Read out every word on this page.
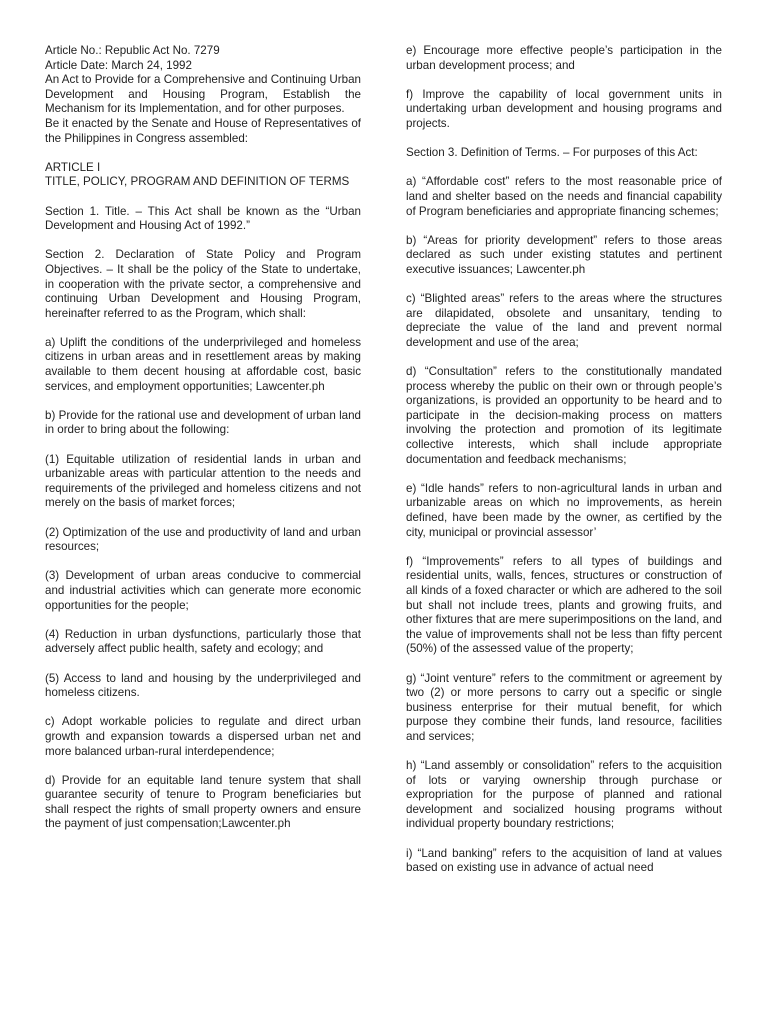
Article No.: Republic Act No. 7279

Article Date: March 24, 1992

An Act to Provide for a Comprehensive and Continuing Urban Development and Housing Program, Establish the Mechanism for its Implementation, and for other purposes.

Be it enacted by the Senate and House of Representatives of the Philippines in Congress assembled:

ARTICLE I

TITLE, POLICY, PROGRAM AND DEFINITION OF TERMS

Section 1. Title. – This Act shall be known as the “Urban Development and Housing Act of 1992.”

Section 2. Declaration of State Policy and Program Objectives. – It shall be the policy of the State to undertake, in cooperation with the private sector, a comprehensive and continuing Urban Development and Housing Program, hereinafter referred to as the Program, which shall:

a) Uplift the conditions of the underprivileged and homeless citizens in urban areas and in resettlement areas by making available to them decent housing at affordable cost, basic services, and employment opportunities; Lawcenter.ph

b) Provide for the rational use and development of urban land in order to bring about the following:

(1) Equitable utilization of residential lands in urban and urbanizable areas with particular attention to the needs and requirements of the privileged and homeless citizens and not merely on the basis of market forces;

(2) Optimization of the use and productivity of land and urban resources;

(3) Development of urban areas conducive to commercial and industrial activities which can generate more economic opportunities for the people;

(4) Reduction in urban dysfunctions, particularly those that adversely affect public health, safety and ecology; and

(5) Access to land and housing by the underprivileged and homeless citizens.

c) Adopt workable policies to regulate and direct urban growth and expansion towards a dispersed urban net and more balanced urban-rural interdependence;

d) Provide for an equitable land tenure system that shall guarantee security of tenure to Program beneficiaries but shall respect the rights of small property owners and ensure the payment of just compensation;Lawcenter.ph

e) Encourage more effective people’s participation in the urban development process; and

f) Improve the capability of local government units in undertaking urban development and housing programs and projects.

Section 3. Definition of Terms. – For purposes of this Act:

a) “Affordable cost” refers to the most reasonable price of land and shelter based on the needs and financial capability of Program beneficiaries and appropriate financing schemes;

b) “Areas for priority development” refers to those areas declared as such under existing statutes and pertinent executive issuances; Lawcenter.ph

c) “Blighted areas” refers to the areas where the structures are dilapidated, obsolete and unsanitary, tending to depreciate the value of the land and prevent normal development and use of the area;

d) “Consultation” refers to the constitutionally mandated process whereby the public on their own or through people’s organizations, is provided an opportunity to be heard and to participate in the decision-making process on matters involving the protection and promotion of its legitimate collective interests, which shall include appropriate documentation and feedback mechanisms;

e) “Idle hands” refers to non-agricultural lands in urban and urbanizable areas on which no improvements, as herein defined, have been made by the owner, as certified by the city, municipal or provincial assessor’

f) “Improvements” refers to all types of buildings and residential units, walls, fences, structures or construction of all kinds of a foxed character or which are adhered to the soil but shall not include trees, plants and growing fruits, and other fixtures that are mere superimpositions on the land, and the value of improvements shall not be less than fifty percent (50%) of the assessed value of the property;

g) “Joint venture” refers to the commitment or agreement by two (2) or more persons to carry out a specific or single business enterprise for their mutual benefit, for which purpose they combine their funds, land resource, facilities and services;

h) “Land assembly or consolidation” refers to the acquisition of lots or varying ownership through purchase or expropriation for the purpose of planned and rational development and socialized housing programs without individual property boundary restrictions;

i) “Land banking” refers to the acquisition of land at values based on existing use in advance of actual need
